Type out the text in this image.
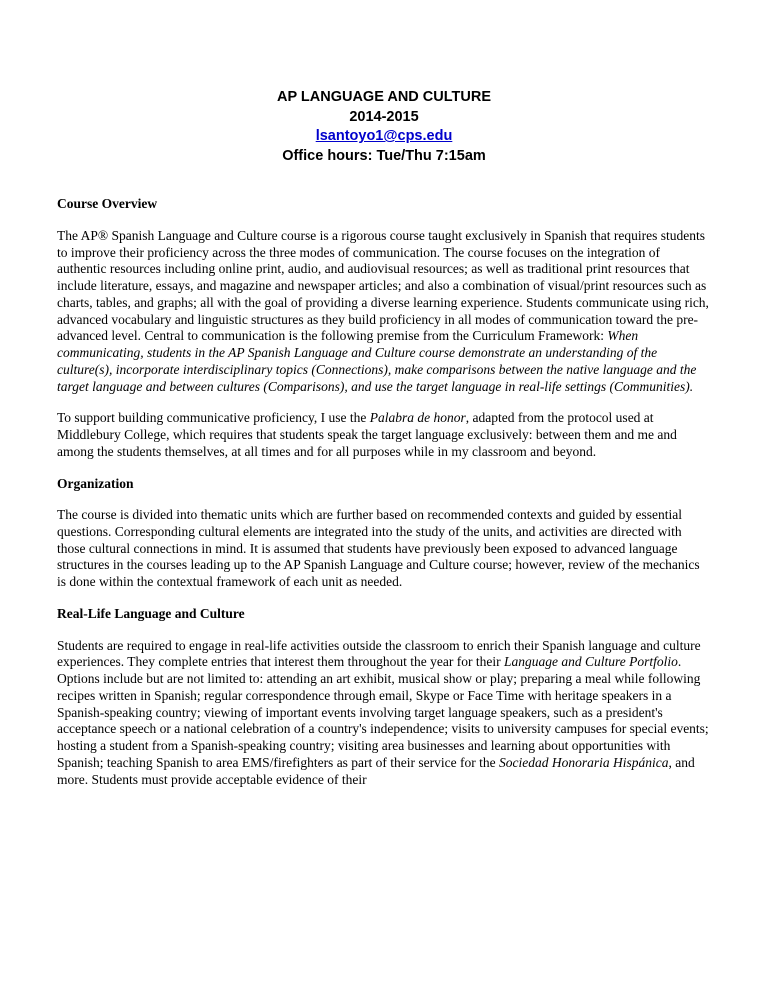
AP LANGUAGE AND CULTURE
2014-2015
lsantoyo1@cps.edu
Office hours: Tue/Thu 7:15am
Course Overview

The AP® Spanish Language and Culture course is a rigorous course taught exclusively in Spanish that requires students to improve their proficiency across the three modes of communication. The course focuses on the integration of authentic resources including online print, audio, and audiovisual resources; as well as traditional print resources that include literature, essays, and magazine and newspaper articles; and also a combination of visual/print resources such as charts, tables, and graphs; all with the goal of providing a diverse learning experience. Students communicate using rich, advanced vocabulary and linguistic structures as they build proficiency in all modes of communication toward the pre-advanced level. Central to communication is the following premise from the Curriculum Framework: When communicating, students in the AP Spanish Language and Culture course demonstrate an understanding of the culture(s), incorporate interdisciplinary topics (Connections), make comparisons between the native language and the target language and between cultures (Comparisons), and use the target language in real-life settings (Communities).

To support building communicative proficiency, I use the Palabra de honor, adapted from the protocol used at Middlebury College, which requires that students speak the target language exclusively: between them and me and among the students themselves, at all times and for all purposes while in my classroom and beyond.

Organization

The course is divided into thematic units which are further based on recommended contexts and guided by essential questions. Corresponding cultural elements are integrated into the study of the units, and activities are directed with those cultural connections in mind. It is assumed that students have previously been exposed to advanced language structures in the courses leading up to the AP Spanish Language and Culture course; however, review of the mechanics is done within the contextual framework of each unit as needed.

Real-Life Language and Culture

Students are required to engage in real-life activities outside the classroom to enrich their Spanish language and culture experiences. They complete entries that interest them throughout the year for their Language and Culture Portfolio. Options include but are not limited to: attending an art exhibit, musical show or play; preparing a meal while following recipes written in Spanish; regular correspondence through email, Skype or Face Time with heritage speakers in a Spanish-speaking country; viewing of important events involving target language speakers, such as a president's acceptance speech or a national celebration of a country's independence; visits to university campuses for special events; hosting a student from a Spanish-speaking country; visiting area businesses and learning about opportunities with Spanish; teaching Spanish to area EMS/firefighters as part of their service for the Sociedad Honoraria Hispánica, and more. Students must provide acceptable evidence of their
